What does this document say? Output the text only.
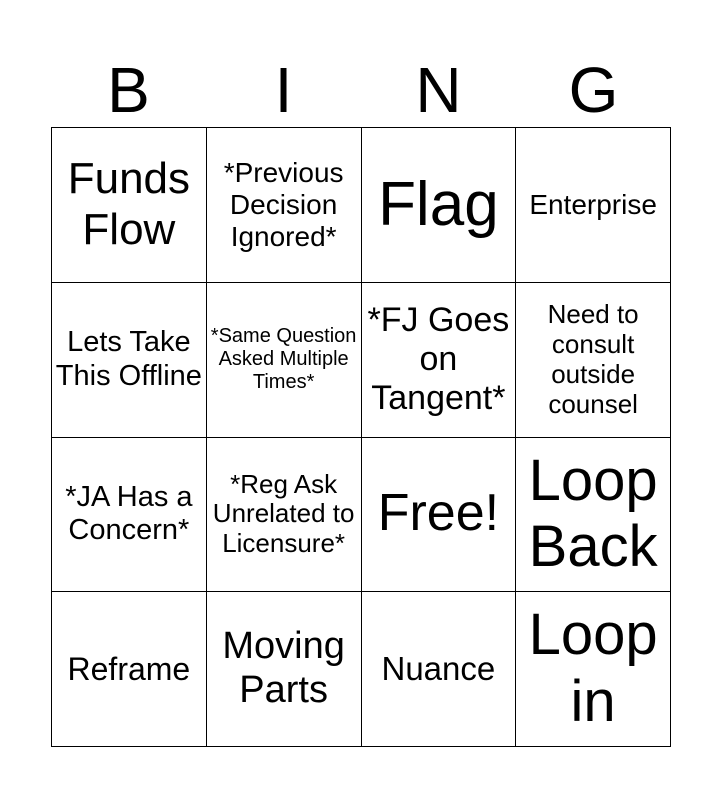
B	I	N	G
Funds Flow
*Previous Decision Ignored* Flag Enterprise
Lets Take This Offline
*Same Question Asked Multiple Times*
*FJ Goes on Tangent*
Need to consult outside counsel
*JA Has a Concern*
*Reg Ask Unrelated to Licensure*
Free!
Loop Back
Reframe
Moving Parts
Nuance
Loop in
